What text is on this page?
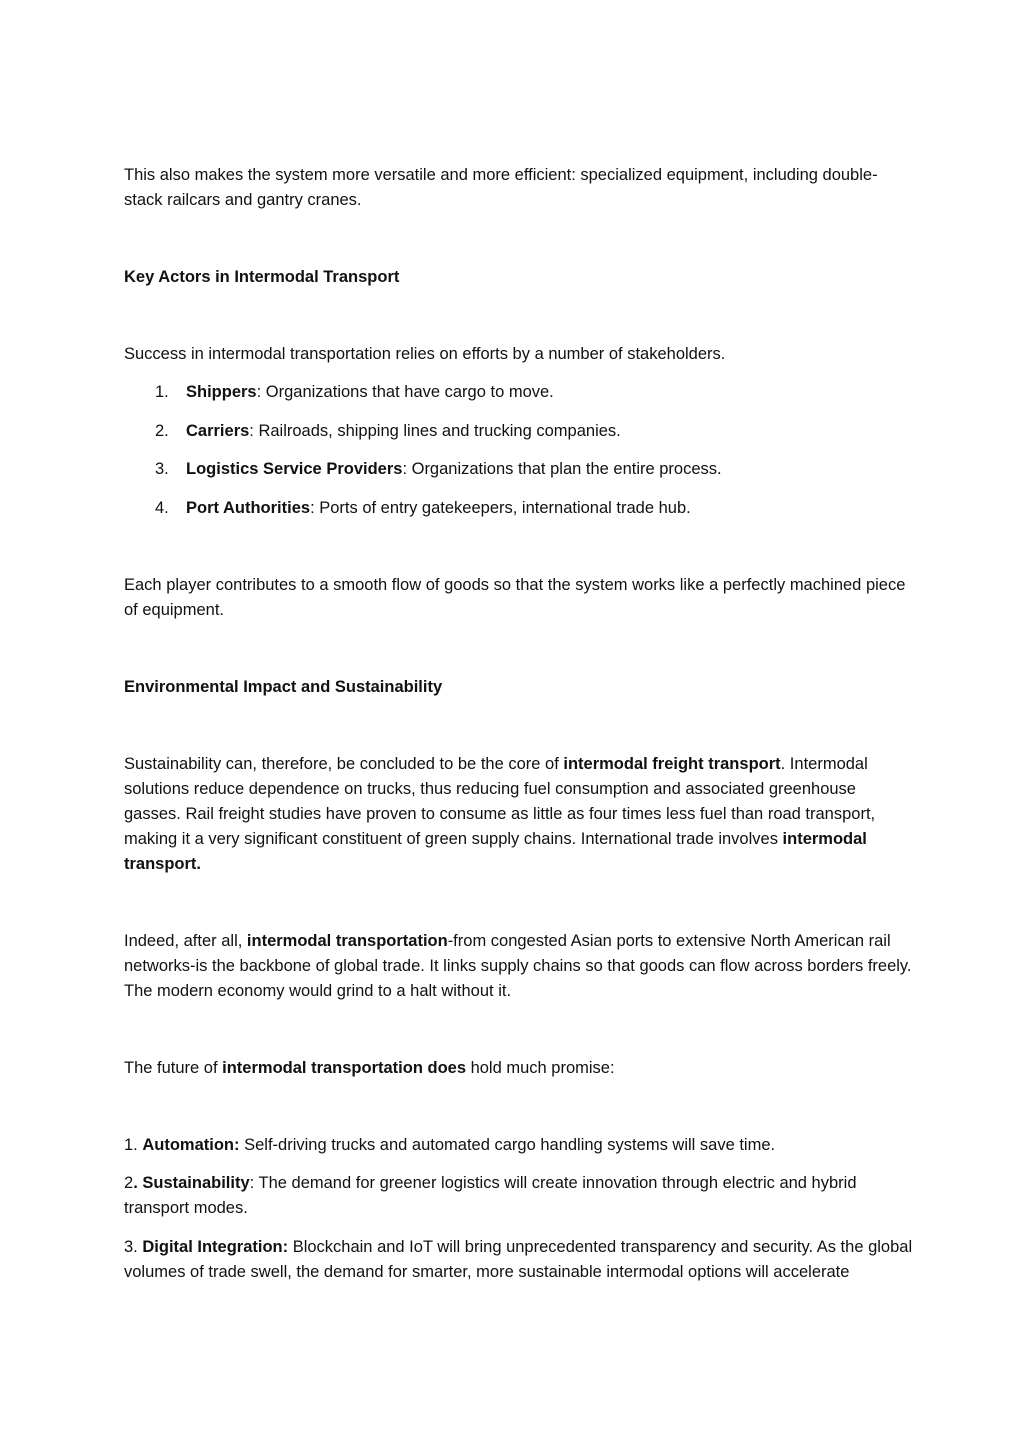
This also makes the system more versatile and more efficient: specialized equipment, including double-stack railcars and gantry cranes.

Key Actors in Intermodal Transport

Success in intermodal transportation relies on efforts by a number of stakeholders.

1. Shippers: Organizations that have cargo to move.
2. Carriers: Railroads, shipping lines and trucking companies.
3. Logistics Service Providers: Organizations that plan the entire process.
4. Port Authorities: Ports of entry gatekeepers, international trade hub.

Each player contributes to a smooth flow of goods so that the system works like a perfectly machined piece of equipment.

Environmental Impact and Sustainability

Sustainability can, therefore, be concluded to be the core of intermodal freight transport. Intermodal solutions reduce dependence on trucks, thus reducing fuel consumption and associated greenhouse gasses. Rail freight studies have proven to consume as little as four times less fuel than road transport, making it a very significant constituent of green supply chains. International trade involves intermodal transport.

Indeed, after all, intermodal transportation-from congested Asian ports to extensive North American rail networks-is the backbone of global trade. It links supply chains so that goods can flow across borders freely. The modern economy would grind to a halt without it.

The future of intermodal transportation does hold much promise:

1. Automation: Self-driving trucks and automated cargo handling systems will save time.

2. Sustainability: The demand for greener logistics will create innovation through electric and hybrid transport modes.

3. Digital Integration: Blockchain and IoT will bring unprecedented transparency and security. As the global volumes of trade swell, the demand for smarter, more sustainable intermodal options will accelerate
